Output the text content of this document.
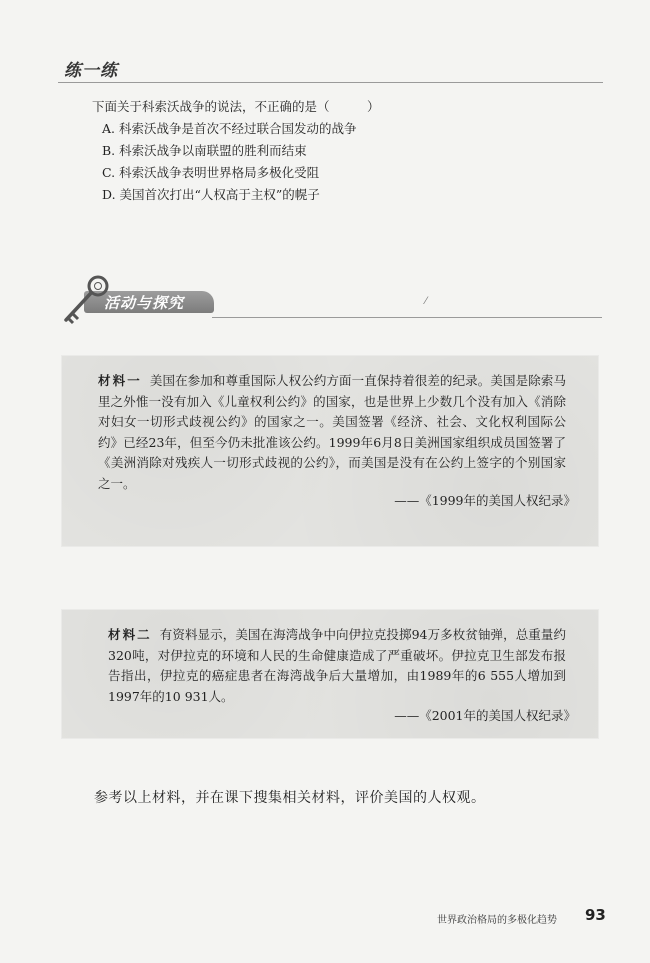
练一练
下面关于科索沃战争的说法，不正确的是（　　　）
A. 科索沃战争是首次不经过联合国发动的战争
B. 科索沃战争以南联盟的胜利而结束
C. 科索沃战争表明世界格局多极化受阻
D. 美国首次打出“人权高于主权”的幌子
活动与探究	⁄
材料一 美国在参加和尊重国际人权公约方面一直保持着很差的纪录。美国是除索马里之外惟一没有加入《儿童权利公约》的国家，也是世界上少数几个没有加入《消除对妇女一切形式歧视公约》的国家之一。美国签署《经济、社会、文化权利国际公约》已经23年，但至今仍未批准该公约。1999年6月8日美洲国家组织成员国签署了《美洲消除对残疾人一切形式歧视的公约》，而美国是没有在公约上签字的个别国家之一。
——《1999年的美国人权纪录》
材料二 有资料显示，美国在海湾战争中向伊拉克投掷94万多枚贫铀弹，总重量约320吨，对伊拉克的环境和人民的生命健康造成了严重破坏。伊拉克卫生部发布报告指出，伊拉克的癌症患者在海湾战争后大量增加，由1989年的6 555人增加到1997年的10 931人。
——《2001年的美国人权纪录》
参考以上材料，并在课下搜集相关材料，评价美国的人权观。
世界政治格局的多极化趋势 93
